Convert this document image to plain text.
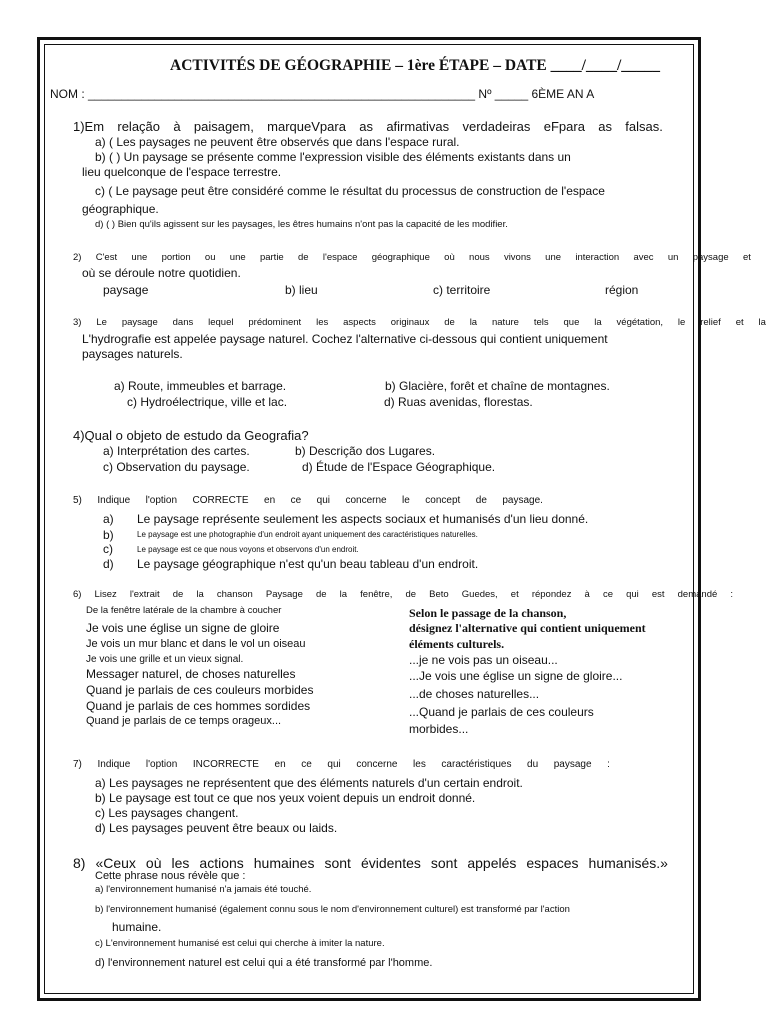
ACTIVITÉS DE GÉOGRAPHIE – 1ère ÉTAPE – DATE ____/____/_____
NOM : __________________________________________________________ Nº _____ 6ÈME AN A
1)Em relação à paisagem, marqueVpara as afirmativas verdadeiras eFpara as falsas.
a) ( Les paysages ne peuvent être observés que dans l'espace rural.
b) ( ) Un paysage se présente comme l'expression visible des éléments existants dans un
lieu quelconque de l'espace terrestre.
c) ( Le paysage peut être considéré comme le résultat du processus de construction de l'espace
géographique.
d) ( ) Bien qu'ils agissent sur les paysages, les êtres humains n'ont pas la capacité de les modifier.
2) C'est une portion ou une partie de l'espace géographique où nous vivons une interaction avec un paysage et
où se déroule notre quotidien.
paysage	b) lieu	c) territoire	région
3) Le paysage dans lequel prédominent les aspects originaux de la nature tels que la végétation, le relief et la
L'hydrografie est appelée paysage naturel. Cochez l'alternative ci-dessous qui contient uniquement
paysages naturels.
a) Route, immeubles et barrage.	b) Glacière, forêt et chaîne de montagnes.
c) Hydroélectrique, ville et lac.	d) Ruas avenidas, florestas.
4)Qual o objeto de estudo da Geografia?
a) Interprétation des cartes.	b) Descrição dos Lugares.
c) Observation du paysage.	d) Étude de l'Espace Géographique.
5) Indique l'option CORRECTE en ce qui concerne le concept de paysage.
a) Le paysage représente seulement les aspects sociaux et humanisés d'un lieu donné.
b)	Le paysage est une photographie d'un endroit ayant uniquement des caractéristiques naturelles.
c)	Le paysage est ce que nous voyons et observons d'un endroit.
d) Le paysage géographique n'est qu'un beau tableau d'un endroit.
6) Lisez l'extrait de la chanson Paysage de la fenêtre, de Beto Guedes, et répondez à ce qui est demandé :
De la fenêtre latérale de la chambre à coucher
Je vois une église un signe de gloire
Je vois un mur blanc et dans le vol un oiseau
Je vois une grille et un vieux signal.
Messager naturel, de choses naturelles
Quand je parlais de ces couleurs morbides
Quand je parlais de ces hommes sordides
Quand je parlais de ce temps orageux...
Selon le passage de la chanson,
désignez l'alternative qui contient uniquement
éléments culturels.
...je ne vois pas un oiseau...
...Je vois une église un signe de gloire...
...de choses naturelles...
...Quand je parlais de ces couleurs
morbides...
7) Indique l'option INCORRECTE en ce qui concerne les caractéristiques du paysage :
a) Les paysages ne représentent que des éléments naturels d'un certain endroit.
b) Le paysage est tout ce que nos yeux voient depuis un endroit donné.
c) Les paysages changent.
d) Les paysages peuvent être beaux ou laids.
8) «Ceux où les actions humaines sont évidentes sont appelés espaces humanisés.»
Cette phrase nous révèle que :
a) l'environnement humanisé n'a jamais été touché.
b) l'environnement humanisé (également connu sous le nom d'environnement culturel) est transformé par l'action
humaine.
c) L'environnement humanisé est celui qui cherche à imiter la nature.
d) l'environnement naturel est celui qui a été transformé par l'homme.
